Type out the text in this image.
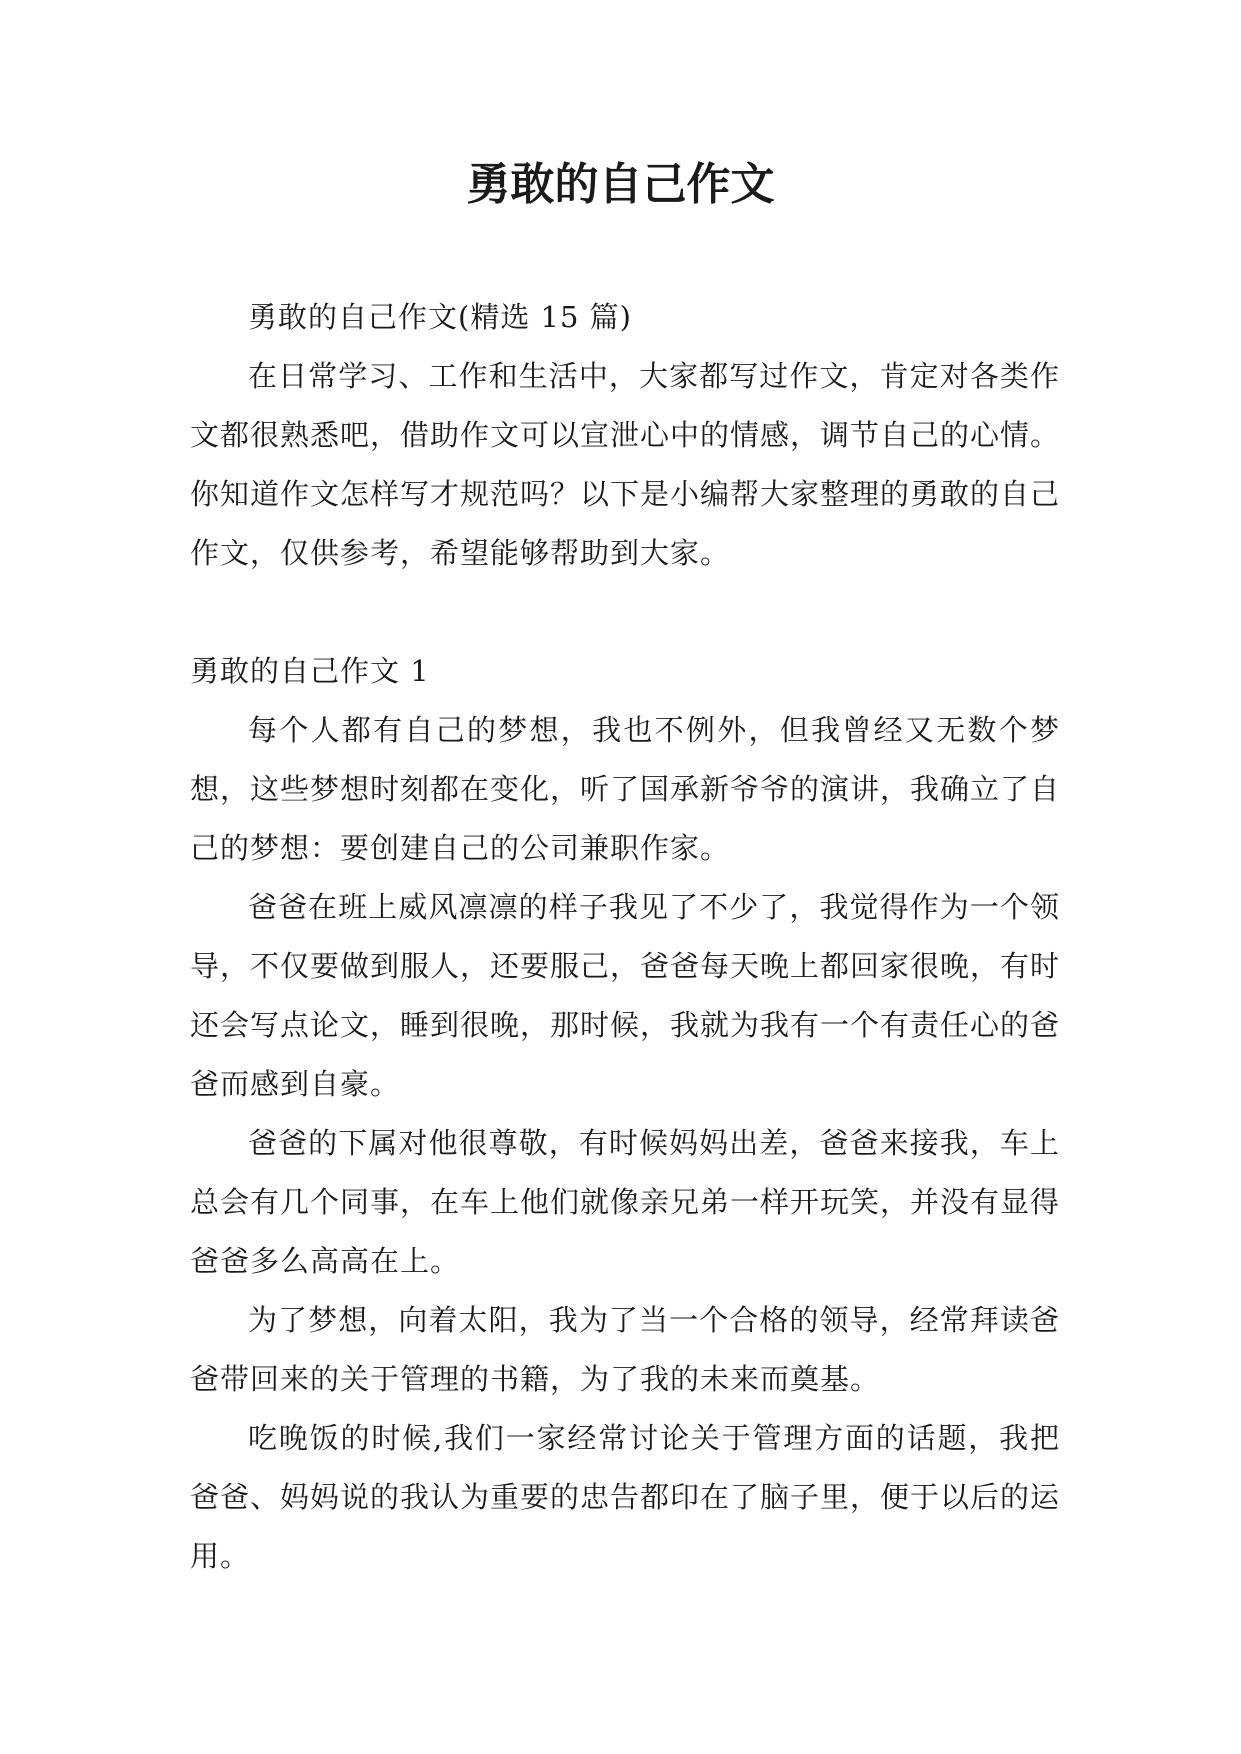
勇敢的自己作文

勇敢的自己作文(精选 15 篇)

在日常学习、工作和生活中，大家都写过作文，肯定对各类作文都很熟悉吧，借助作文可以宣泄心中的情感，调节自己的心情。你知道作文怎样写才规范吗？以下是小编帮大家整理的勇敢的自己作文，仅供参考，希望能够帮助到大家。

勇敢的自己作文 1

每个人都有自己的梦想，我也不例外，但我曾经又无数个梦想，这些梦想时刻都在变化，听了国承新爷爷的演讲，我确立了自己的梦想：要创建自己的公司兼职作家。

爸爸在班上威风凛凛的样子我见了不少了，我觉得作为一个领导，不仅要做到服人，还要服己，爸爸每天晚上都回家很晚，有时还会写点论文，睡到很晚，那时候，我就为我有一个有责任心的爸爸而感到自豪。

爸爸的下属对他很尊敬，有时候妈妈出差，爸爸来接我，车上总会有几个同事，在车上他们就像亲兄弟一样开玩笑，并没有显得爸爸多么高高在上。

为了梦想，向着太阳，我为了当一个合格的领导，经常拜读爸爸带回来的关于管理的书籍，为了我的未来而奠基。

吃晚饭的时候,我们一家经常讨论关于管理方面的话题，我把爸爸、妈妈说的我认为重要的忠告都印在了脑子里，便于以后的运用。
